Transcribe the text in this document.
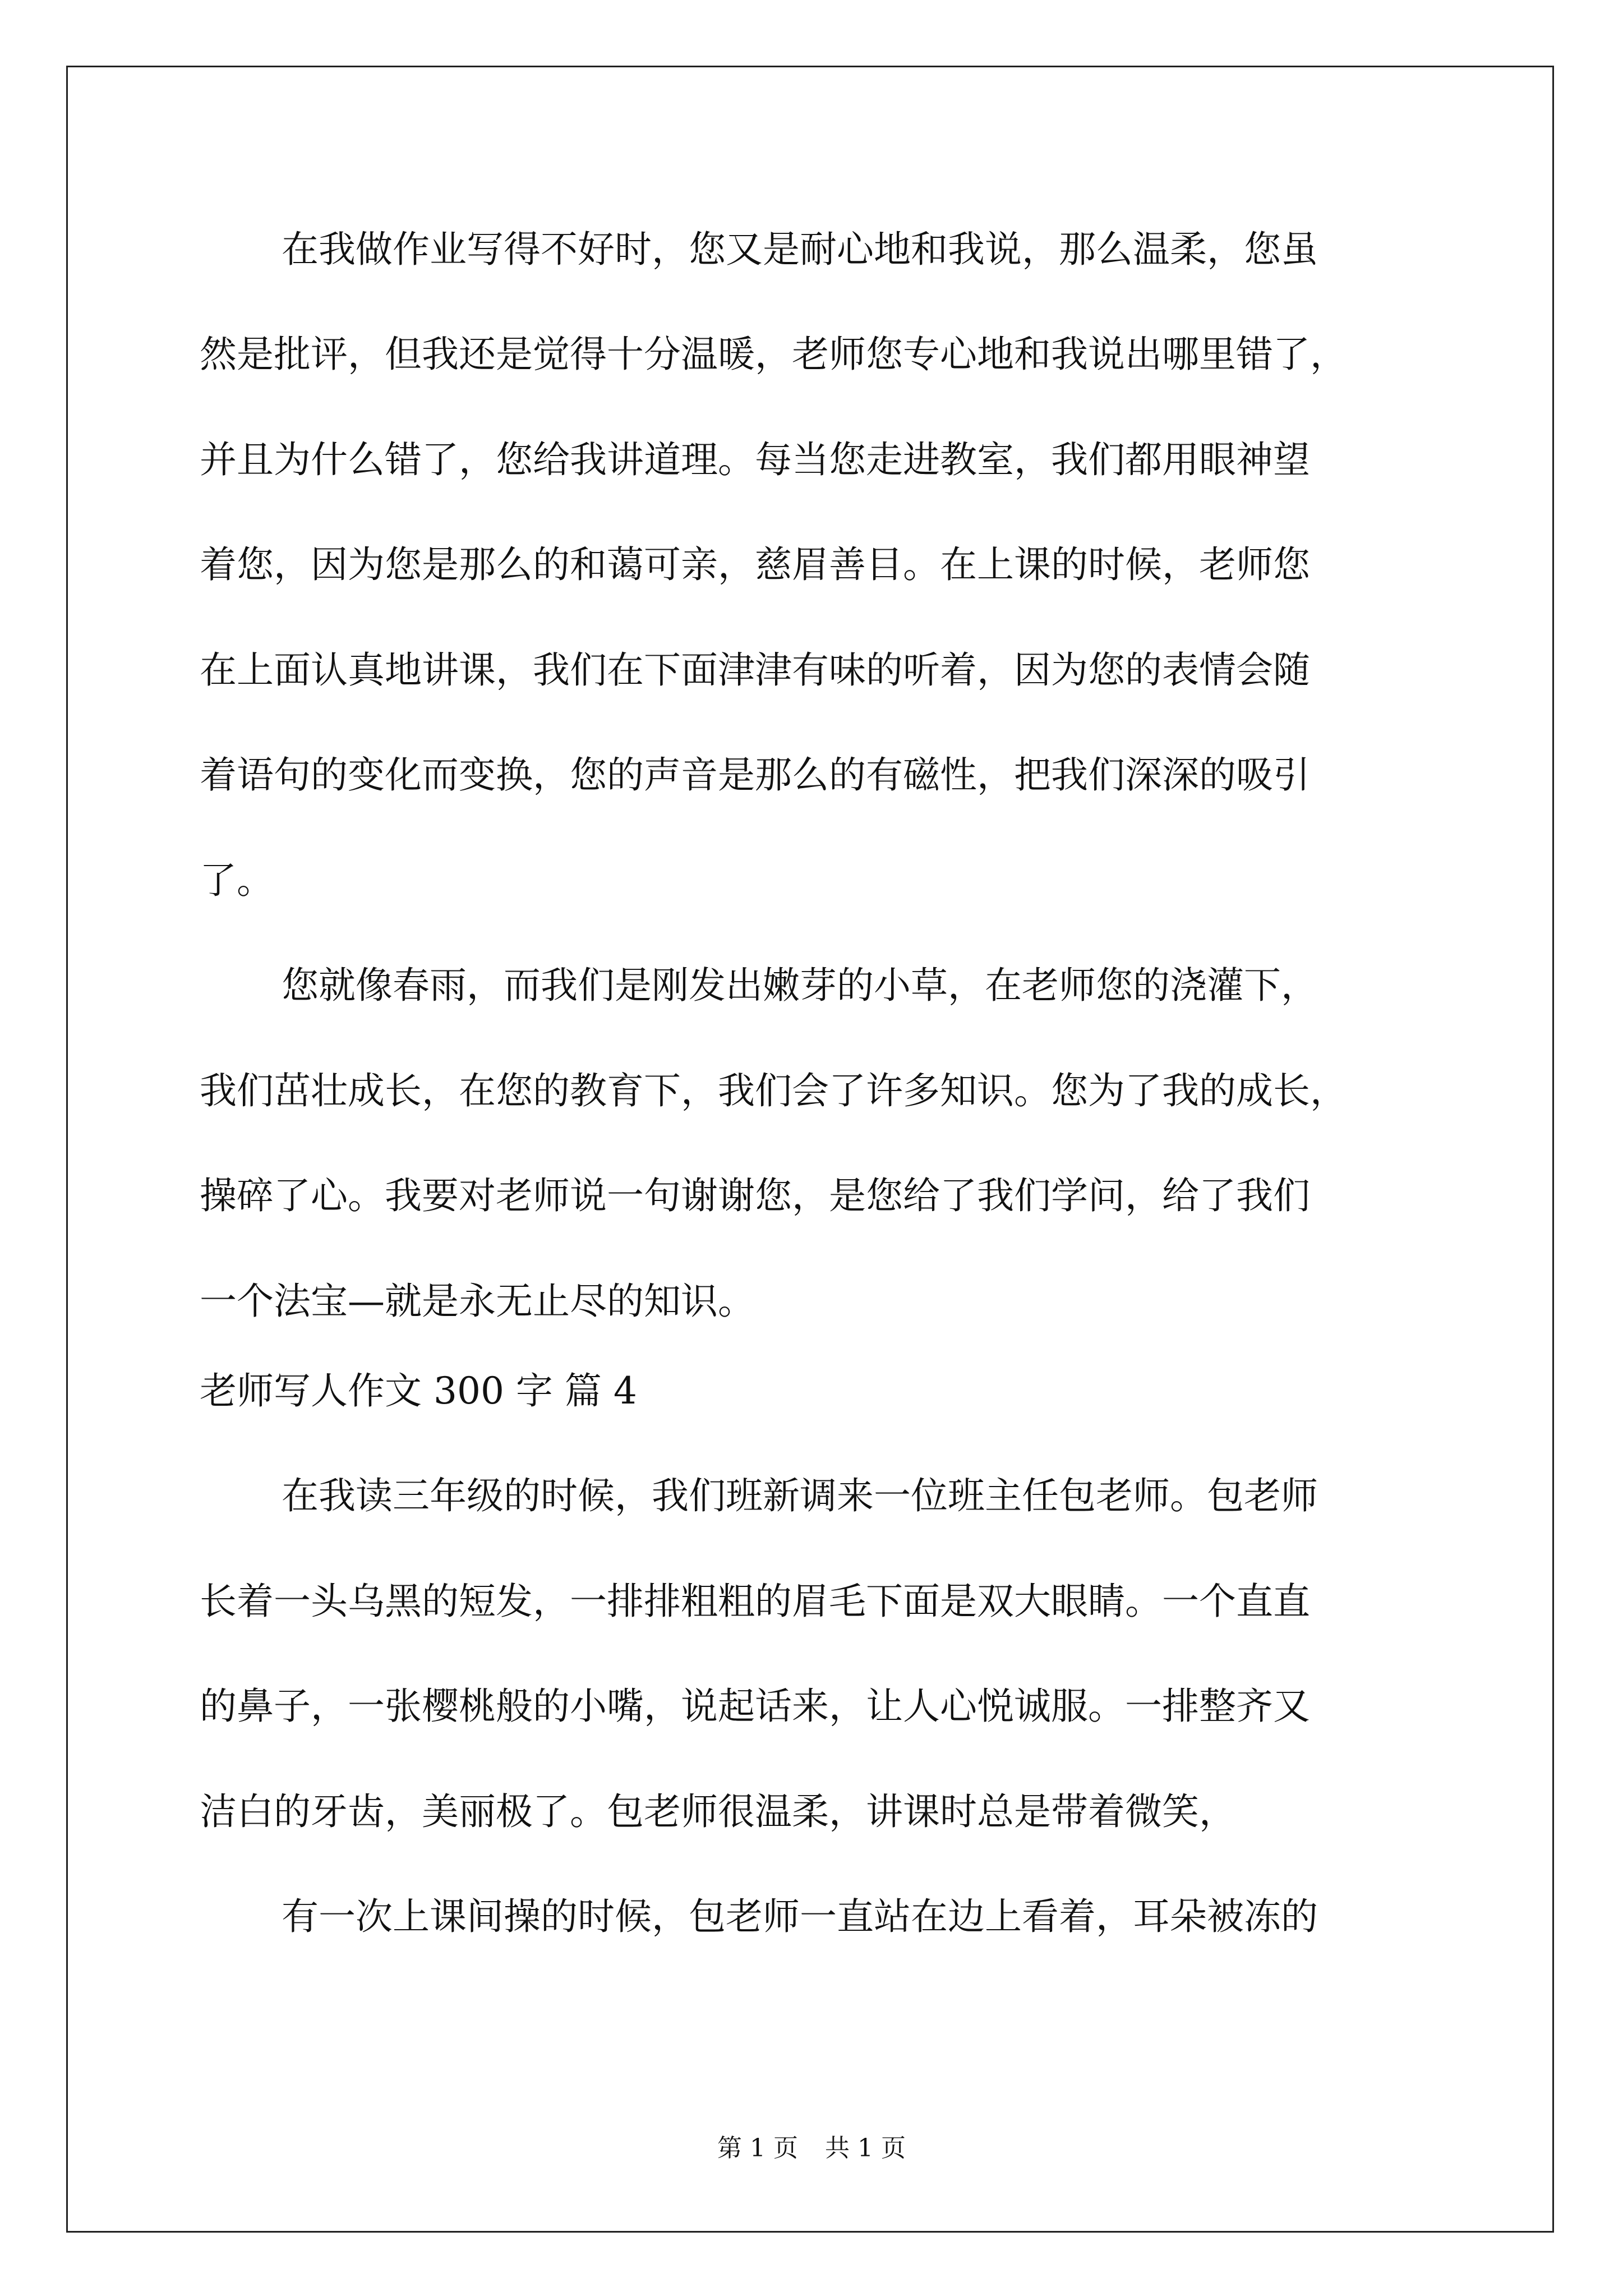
在我做作业写得不好时，您又是耐心地和我说，那么温柔，您虽
然是批评，但我还是觉得十分温暖，老师您专心地和我说出哪里错了，
并且为什么错了，您给我讲道理。每当您走进教室，我们都用眼神望
着您，因为您是那么的和蔼可亲，慈眉善目。在上课的时候，老师您
在上面认真地讲课，我们在下面津津有味的听着，因为您的表情会随
着语句的变化而变换，您的声音是那么的有磁性，把我们深深的吸引
了。
您就像春雨，而我们是刚发出嫩芽的小草，在老师您的浇灌下，
我们茁壮成长，在您的教育下，我们会了许多知识。您为了我的成长，
操碎了心。我要对老师说一句谢谢您，是您给了我们学问，给了我们
一个法宝—就是永无止尽的知识。
老师写人作文 300 字 篇 4
在我读三年级的时候，我们班新调来一位班主任包老师。包老师
长着一头乌黑的短发，一排排粗粗的眉毛下面是双大眼睛。一个直直
的鼻子，一张樱桃般的小嘴，说起话来，让人心悦诚服。一排整齐又
洁白的牙齿，美丽极了。包老师很温柔，讲课时总是带着微笑，
有一次上课间操的时候，包老师一直站在边上看着，耳朵被冻的
第 1 页 共 1 页
